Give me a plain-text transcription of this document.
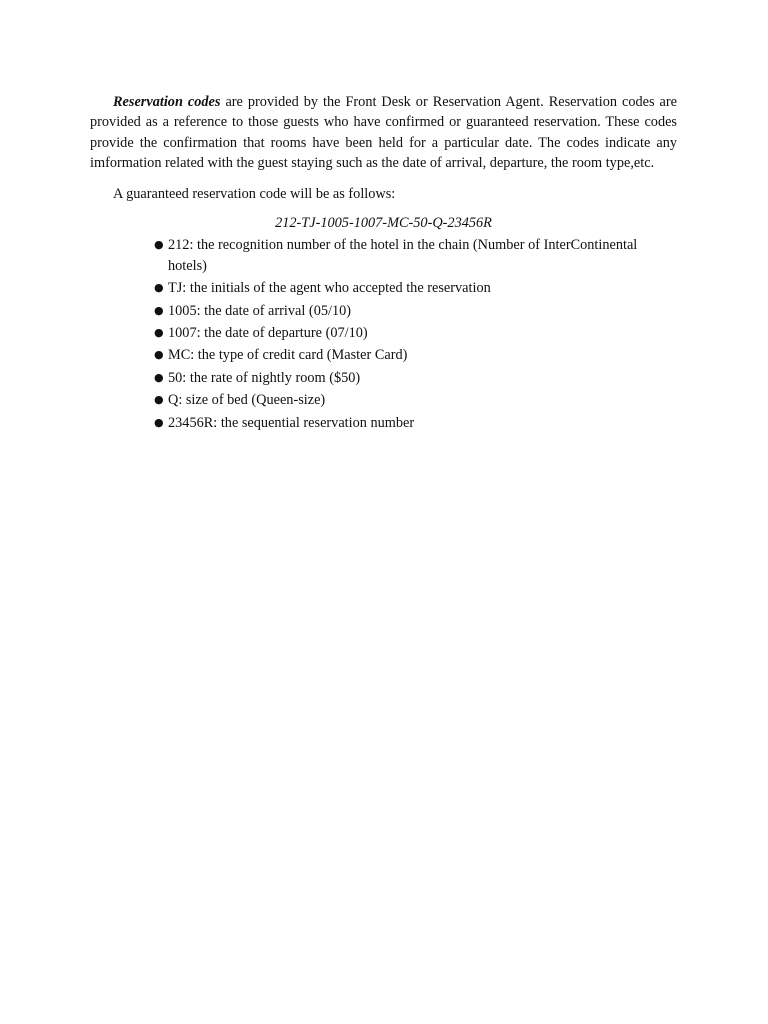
Reservation codes are provided by the Front Desk or Reservation Agent. Reservation codes are provided as a reference to those guests who have confirmed or guaranteed reservation. These codes provide the confirmation that rooms have been held for a particular date. The codes indicate any imformation related with the guest staying such as the date of arrival, departure, the room type,etc.

A guaranteed reservation code will be as follows:

212-TJ-1005-1007-MC-50-Q-23456R

● 212: the recognition number of the hotel in the chain (Number of InterContinental hotels)
● TJ: the initials of the agent who accepted the reservation
● 1005: the date of arrival (05/10)
● 1007: the date of departure (07/10)
● MC: the type of credit card (Master Card)
● 50: the rate of nightly room ($50)
● Q: size of bed (Queen-size)
● 23456R: the sequential reservation number
